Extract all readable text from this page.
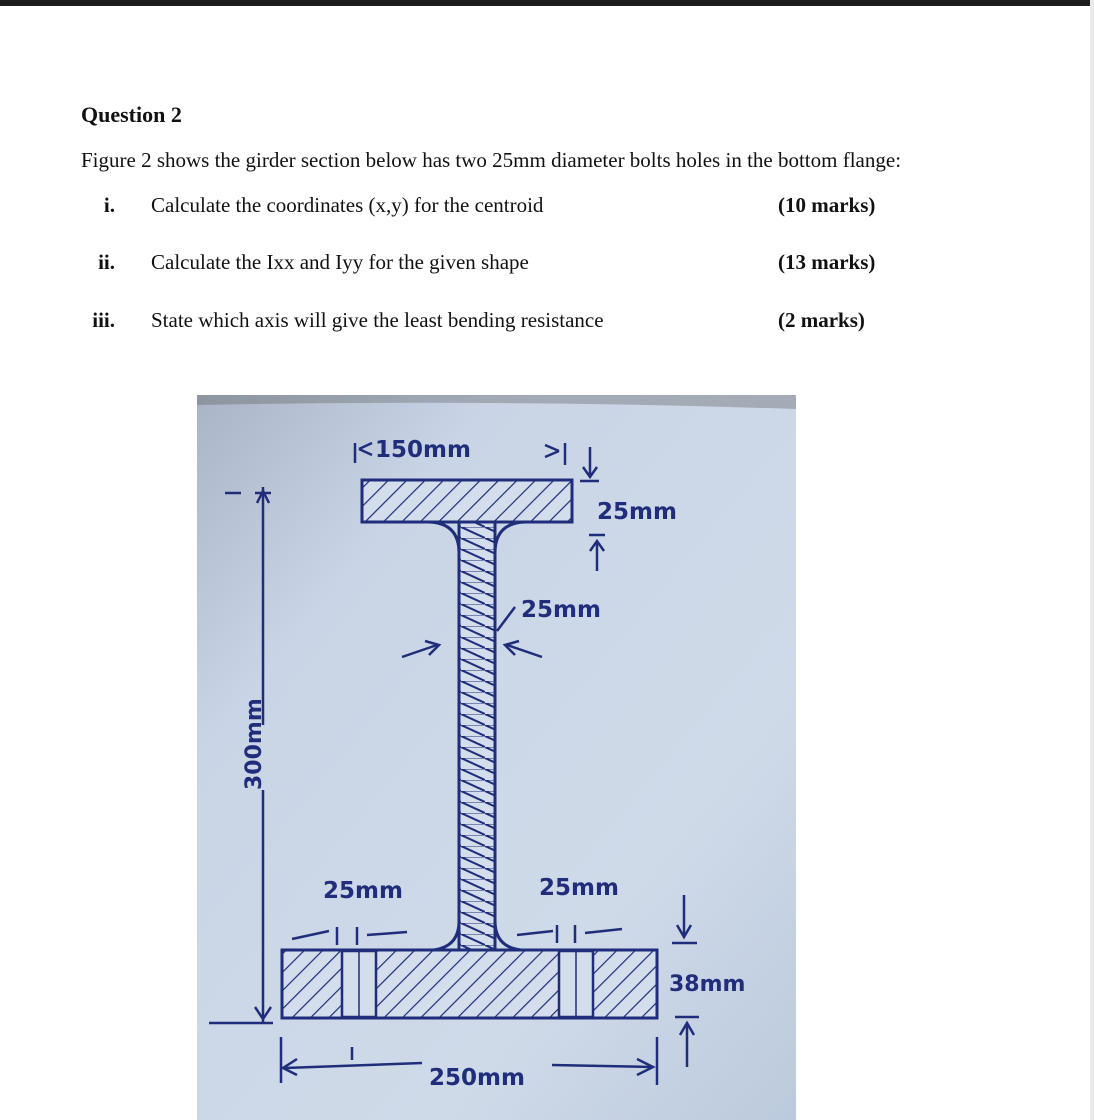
Question 2
Figure 2 shows the girder section below has two 25mm diameter bolts holes in the bottom flange:
i. Calculate the coordinates (x,y) for the centroid	(10 marks)
ii. Calculate the Ixx and Iyy for the given shape	(13 marks)
iii. State which axis will give the least bending resistance	(2 marks)
150mm
25mm
25mm
300mm
25mm	25mm
38mm
250mm
